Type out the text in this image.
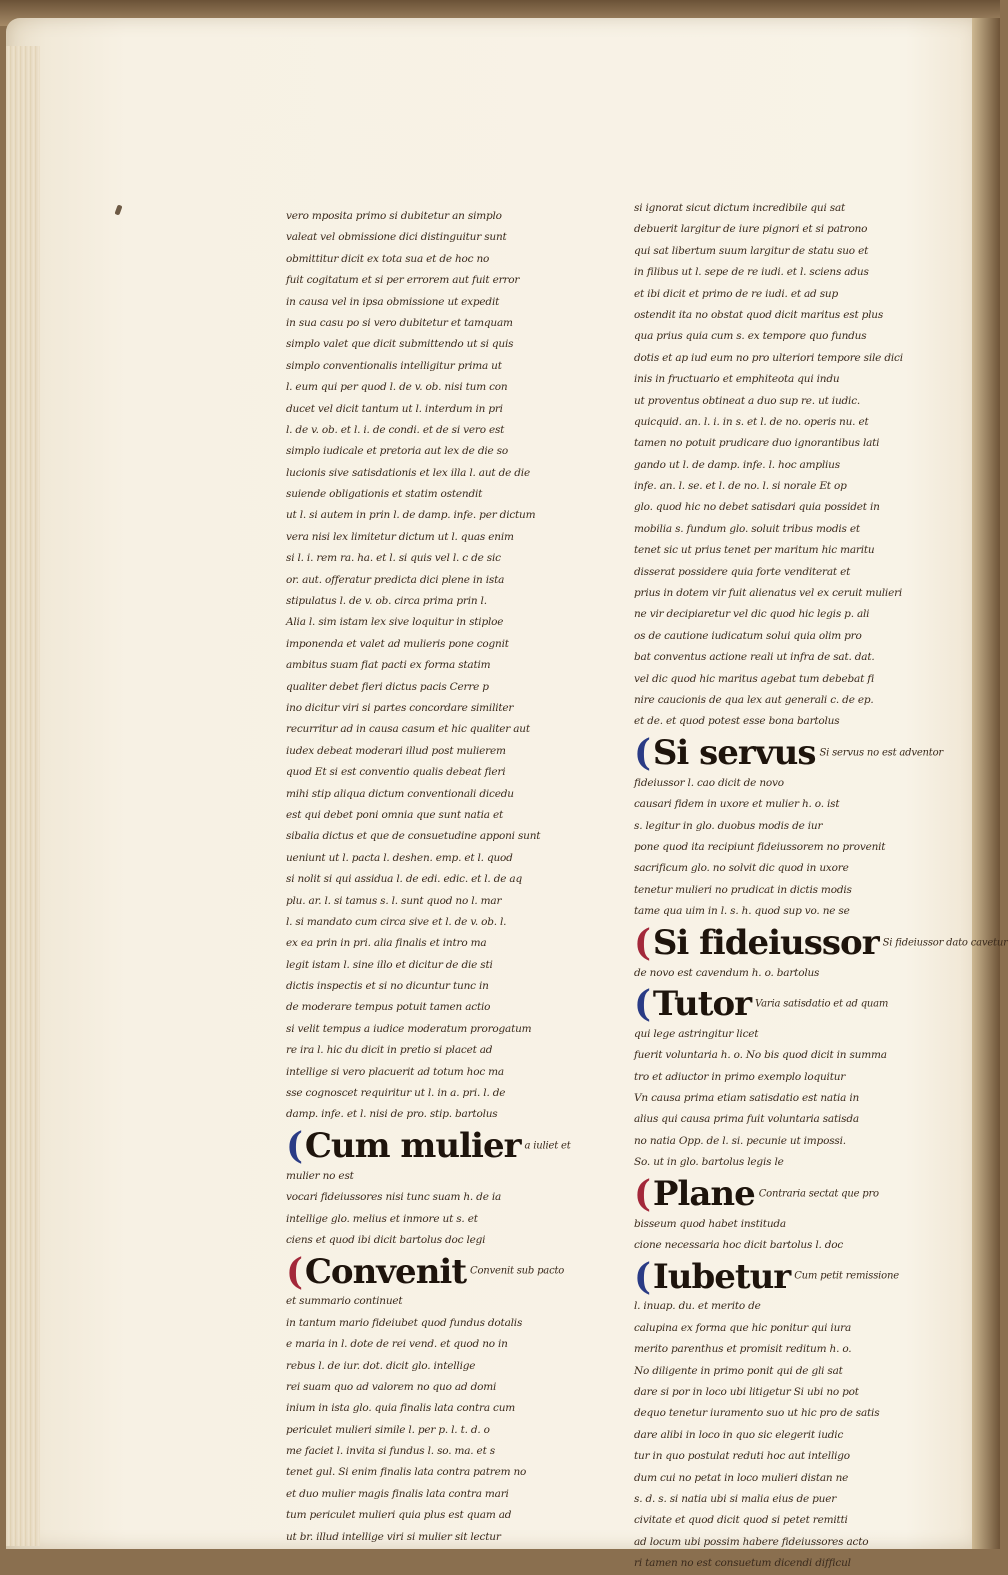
vero mposita primo si dubitetur an simplo
valeat vel obmissione dici distinguitur sunt
obmittitur dicit ex tota sua et de hoc no
fuit cogitatum et si per errorem aut fuit error
in causa vel in ipsa obmissione ut expedit
in sua casu po si vero dubitetur et tamquam
simplo valet que dicit submittendo ut si quis
simplo conventionalis intelligitur prima ut
l. eum qui per quod l. de v. ob. nisi tum con
ducet vel dicit tantum ut l. interdum in pri
l. de v. ob. et l. i. de condi. et de si vero est
simplo iudicale et pretoria aut lex de die so
lucionis sive satisdationis et lex illa l. aut de die
suiende obligationis et statim ostendit
ut l. si autem in prin l. de damp. infe. per dictum
vera nisi lex limitetur dictum ut l. quas enim
si l. i. rem ra. ha. et l. si quis vel l. c de sic
or. aut. offeratur predicta dici plene in ista
stipulatus l. de v. ob. circa prima prin l.
Alia l. sim istam lex sive loquitur in stiploe
imponenda et valet ad mulieris pone cognit
ambitus suam fiat pacti ex forma statim
qualiter debet fieri dictus pacis Cerre p
ino dicitur viri si partes concordare similiter
recurritur ad in causa casum et hic qualiter aut
iudex debeat moderari illud post mulierem
quod Et si est conventio qualis debeat fieri
mihi stip aliqua dictum conventionali dicedu
est qui debet poni omnia que sunt natia et
sibalia dictus et que de consuetudine apponi sunt
ueniunt ut l. pacta l. deshen. emp. et l. quod
si nolit si qui assidua l. de edi. edic. et l. de aq
plu. ar. l. si tamus s. l. sunt quod no l. mar
l. si mandato cum circa sive et l. de v. ob. l.
ex ea prin in pri. alia finalis et intro ma
legit istam l. sine illo et dicitur de die sti
dictis inspectis et si no dicuntur tunc in
de moderare tempus potuit tamen actio
si velit tempus a iudice moderatum prorogatum
re ira l. hic du dicit in pretio si placet ad
intellige si vero placuerit ad totum hoc ma
sse cognoscet requiritur ut l. in a. pri. l. de
damp. infe. et l. nisi de pro. stip. bartolus
(Cum mulier a iuliet et
mulier no est
vocari fideiussores nisi tunc suam h. de ia
intellige glo. melius et inmore ut s. et
ciens et quod ibi dicit bartolus doc legi
(Convenit Convenit sub pacto
et summario continuet
in tantum mario fideiubet quod fundus dotalis
e maria in l. dote de rei vend. et quod no in
rebus l. de iur. dot. dicit glo. intellige
rei suam quo ad valorem no quo ad domi
inium in ista glo. quia finalis lata contra cum
periculet mulieri simile l. per p. l. t. d. o
me faciet l. invita si fundus l. so. ma. et s
tenet gul. Si enim finalis lata contra patrem no
et duo mulier magis finalis lata contra mari
tum periculet mulieri quia plus est quam ad
ut br. illud intellige viri si mulier sit lectur
si ignorat sicut dictum incredibile qui sat
debuerit largitur de iure pignori et si patrono
qui sat libertum suum largitur de statu suo et
in filibus ut l. sepe de re iudi. et l. sciens adus
et ibi dicit et primo de re iudi. et ad sup
ostendit ita no obstat quod dicit maritus est plus
qua prius quia cum s. ex tempore quo fundus
dotis et ap iud eum no pro ulteriori tempore sile dici
inis in fructuario et emphiteota qui indu
ut proventus obtineat a duo sup re. ut iudic.
quicquid. an. l. i. in s. et l. de no. operis nu. et
tamen no potuit prudicare duo ignorantibus lati
gando ut l. de damp. infe. l. hoc amplius
infe. an. l. se. et l. de no. l. si norale Et op
glo. quod hic no debet satisdari quia possidet in
mobilia s. fundum glo. soluit tribus modis et
tenet sic ut prius tenet per maritum hic maritu
disserat possidere quia forte venditerat et
prius in dotem vir fuit alienatus vel ex ceruit mulieri
ne vir decipiaretur vel dic quod hic legis p. ali
os de cautione iudicatum solui quia olim pro
bat conventus actione reali ut infra de sat. dat.
vel dic quod hic maritus agebat tum debebat fi
nire caucionis de qua lex aut generali c. de ep.
et de. et quod potest esse bona bartolus
(Si servus Si servus no est adventor
fideiussor l. cao dicit de novo
causari fidem in uxore et mulier h. o. ist
s. legitur in glo. duobus modis de iur
pone quod ita recipiunt fideiussorem no provenit
sacrificum glo. no solvit dic quod in uxore
tenetur mulieri no prudicat in dictis modis
tame qua uim in l. s. h. quod sup vo. ne se
(Si fideiussor Si fideiussor dato cavetur
de novo est cavendum h. o. bartolus
(Tutor Varia satisdatio et ad quam
qui lege astringitur licet
fuerit voluntaria h. o. No bis quod dicit in summa
tro et adiuctor in primo exemplo loquitur
Vn causa prima etiam satisdatio est natia in
alius qui causa prima fuit voluntaria satisda
no natia Opp. de l. si. pecunie ut impossi.
So. ut in glo. bartolus legis le
(Plane Contraria sectat que pro
bisseum quod habet instituda
cione necessaria hoc dicit bartolus l. doc
(Iubetur Cum petit remissione
l. inuap. du. et merito de
calupina ex forma que hic ponitur qui iura
merito parenthus et promisit reditum h. o.
No diligente in primo ponit qui de gli sat
dare si por in loco ubi litigetur Si ubi no pot
dequo tenetur iuramento suo ut hic pro de satis
dare alibi in loco in quo sic elegerit iudic
tur in quo postulat reduti hoc aut intelligo
dum cui no petat in loco mulieri distan ne
s. d. s. si natia ubi si malia eius de puer
civitate et quod dicit quod si petet remitti
ad locum ubi possim habere fideiussores acto
ri tamen no est consuetum dicendi difficul
